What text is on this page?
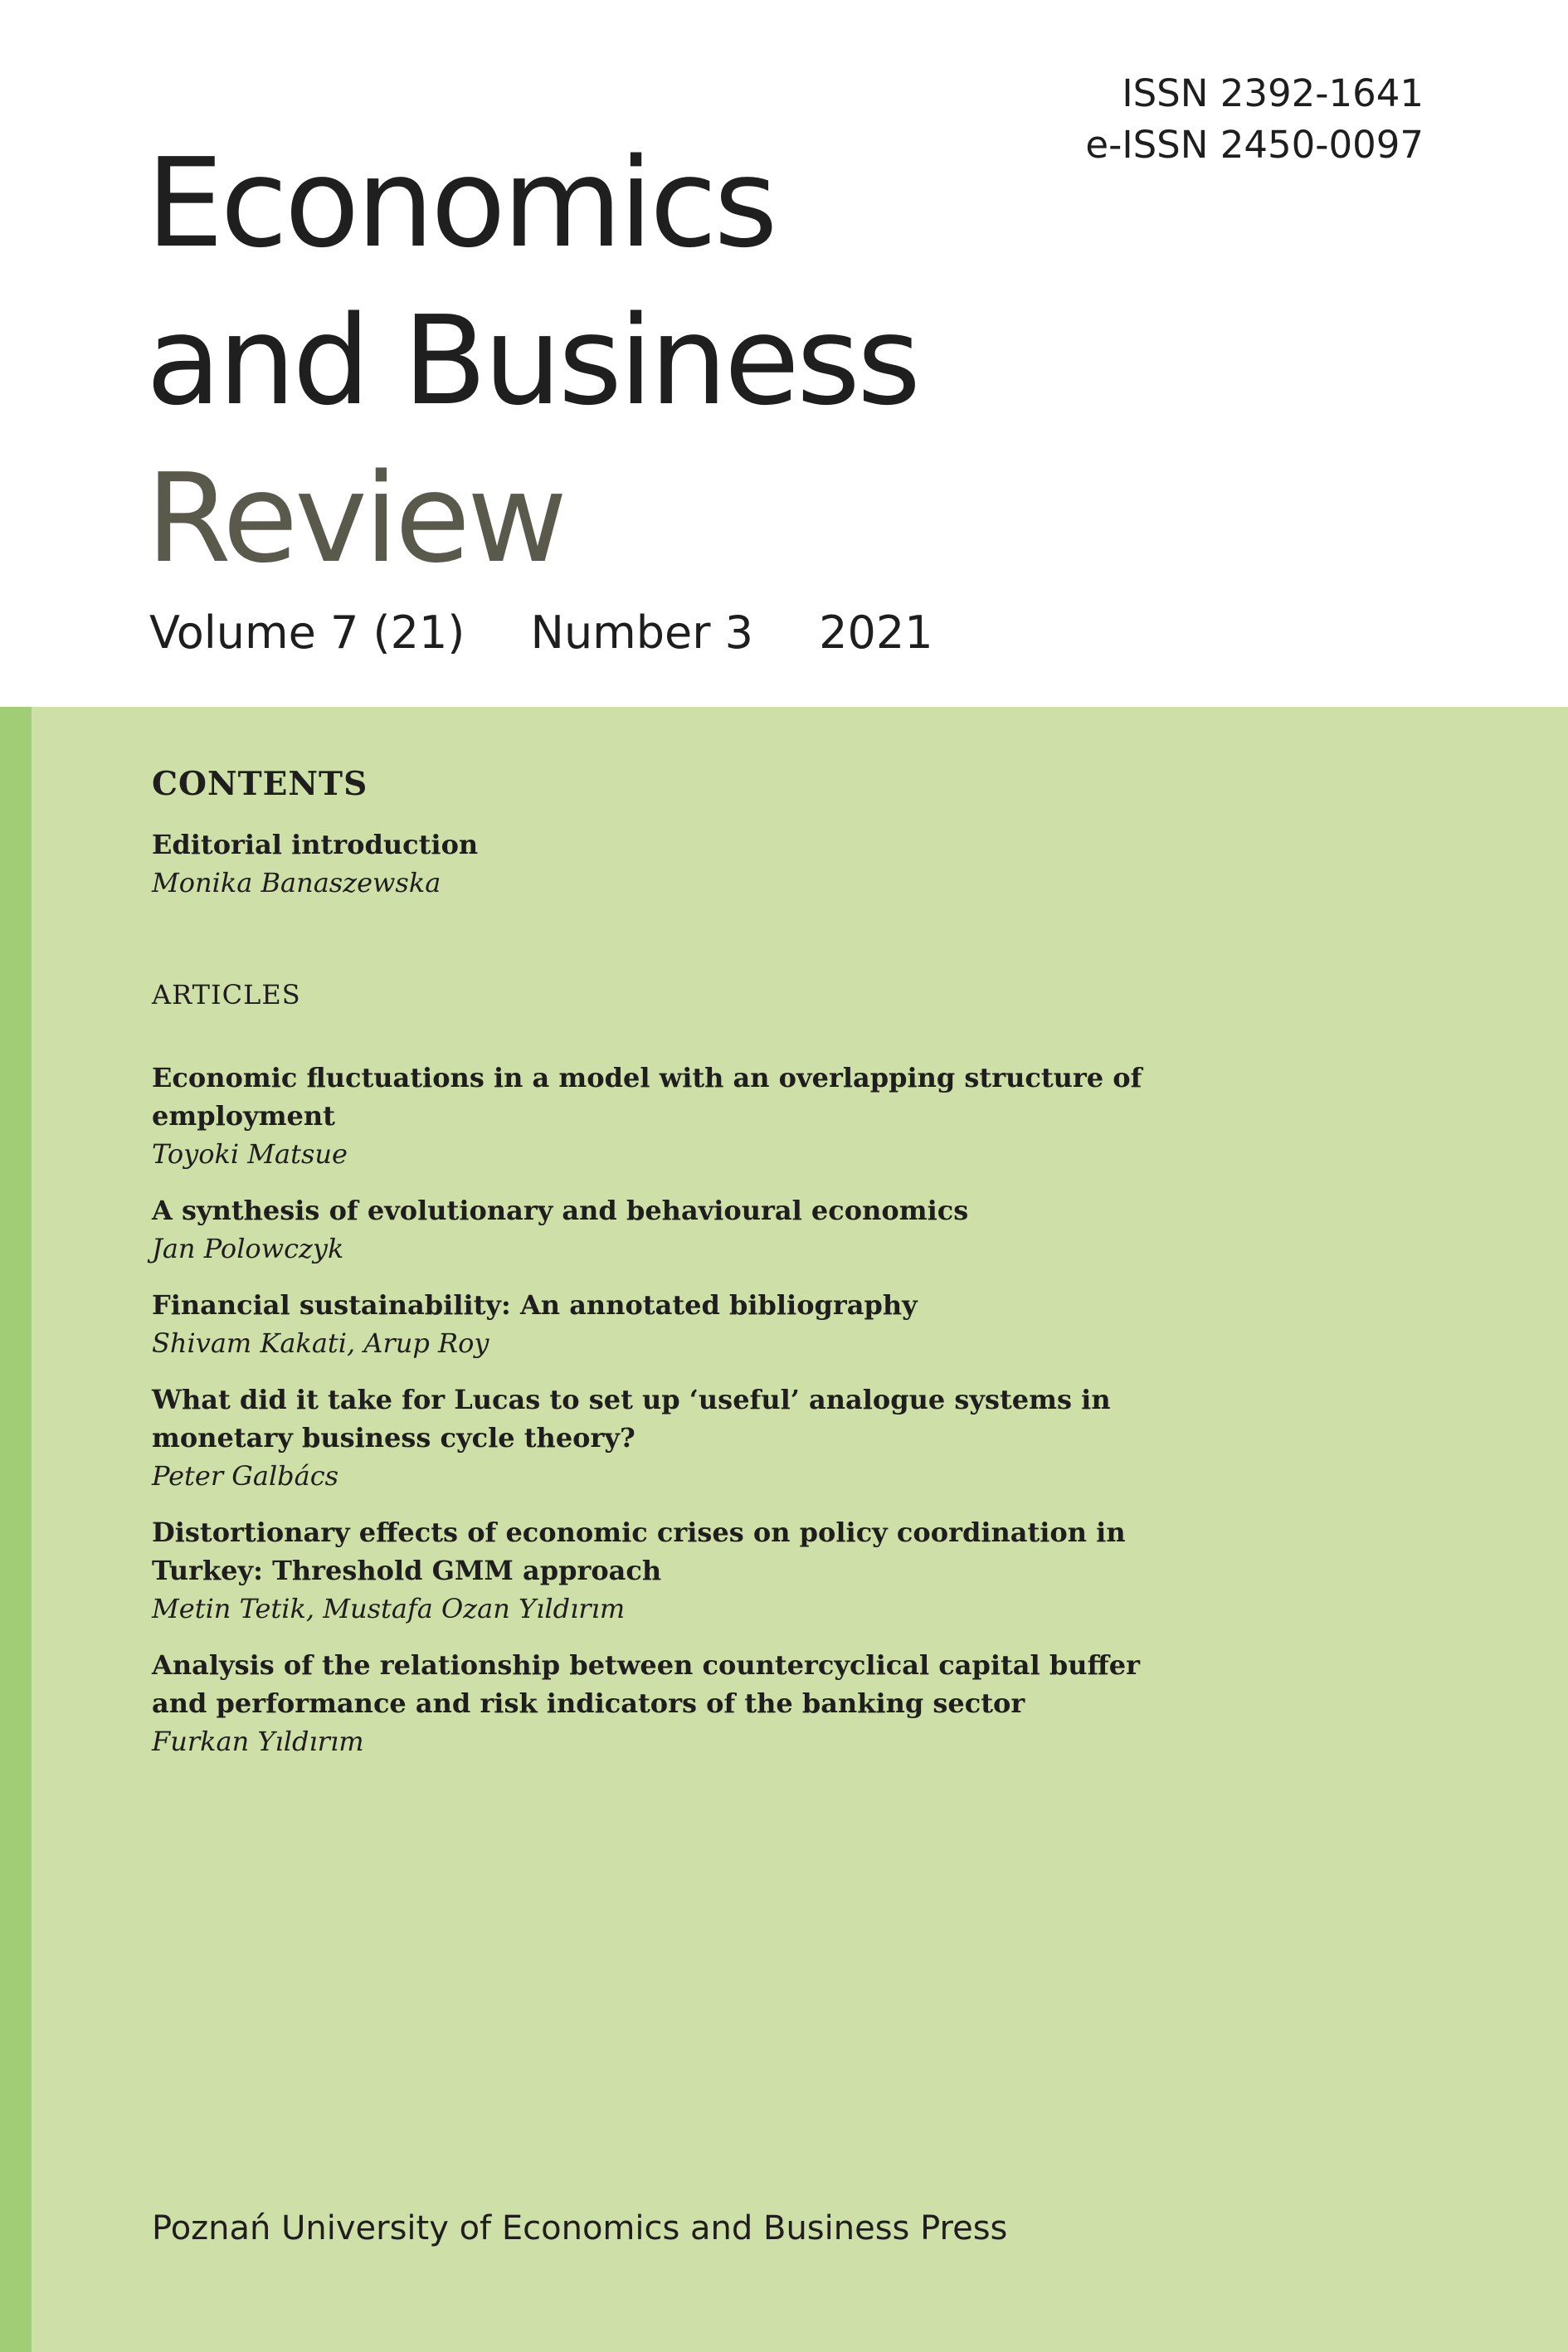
ISSN 2392-1641
e-ISSN 2450-0097
Economics
and Business
Review
Volume 7 (21) Number 3 2021
CONTENTS
Editorial introduction
Monika Banaszewska
ARTICLES
Economic fluctuations in a model with an overlapping structure of employment
Toyoki Matsue
A synthesis of evolutionary and behavioural economics
Jan Polowczyk
Financial sustainability: An annotated bibliography
Shivam Kakati, Arup Roy
What did it take for Lucas to set up ‘useful’ analogue systems in monetary business cycle theory?
Peter Galbács
Distortionary effects of economic crises on policy coordination in Turkey: Threshold GMM approach
Metin Tetik, Mustafa Ozan Yıldırım
Analysis of the relationship between countercyclical capital buffer and performance and risk indicators of the banking sector
Furkan Yıldırım
Poznań University of Economics and Business Press
